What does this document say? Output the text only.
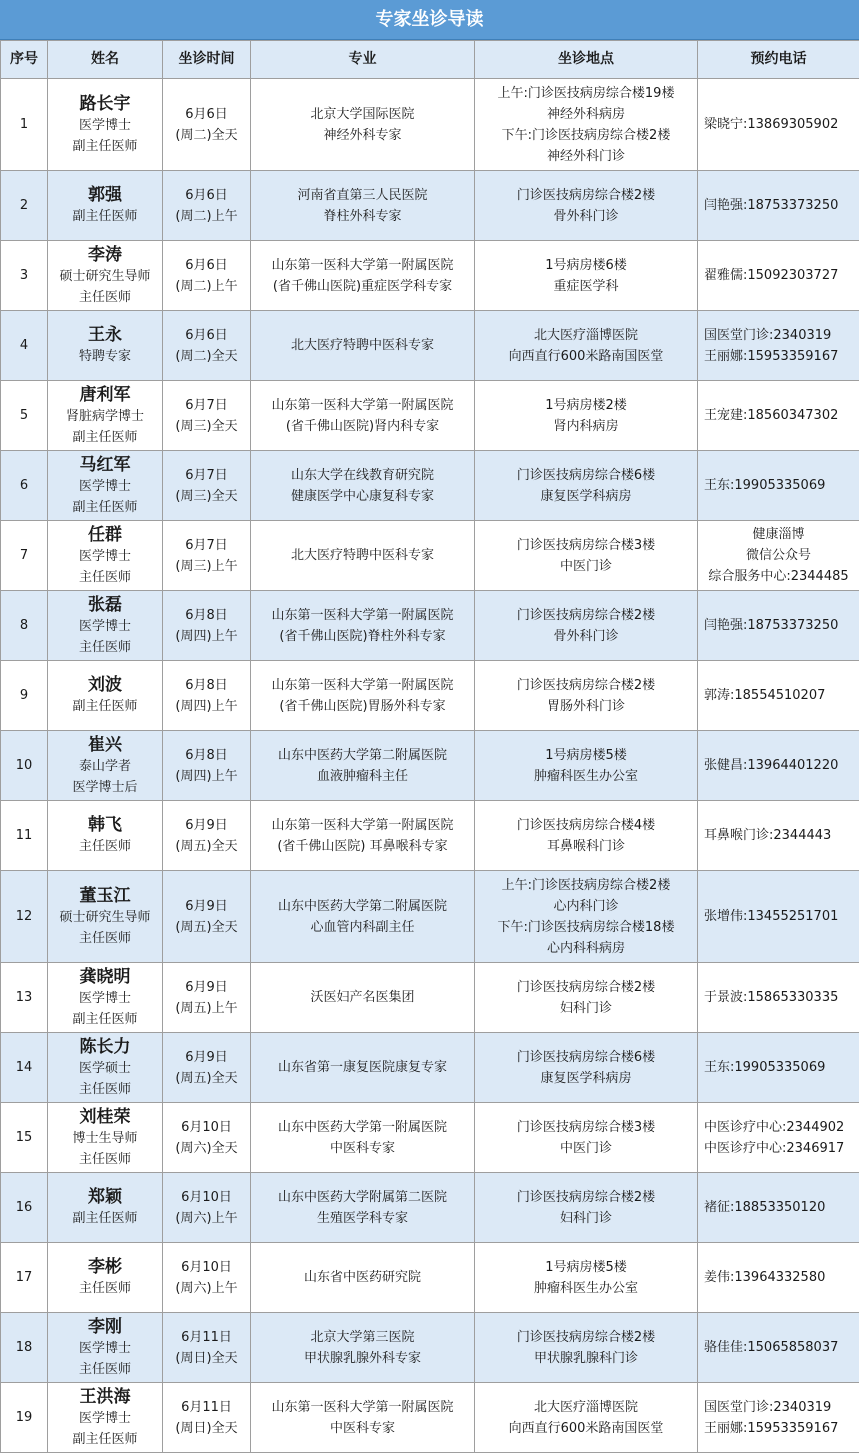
专家坐诊导读
序号	姓名	坐诊时间	专业	坐诊地点	预约电话
1	路长宇
医学博士
副主任医师	6月6日
(周二)全天	北京大学国际医院
神经外科专家	上午:门诊医技病房综合楼19楼
神经外科病房
下午:门诊医技病房综合楼2楼
神经外科门诊	梁晓宁:13869305902

2	郭强
副主任医师	6月6日
(周二)上午	河南省直第三人民医院
脊柱外科专家	门诊医技病房综合楼2楼
骨外科门诊	闫艳强:18753373250

3	李涛
硕士研究生导师
主任医师	6月6日
(周二)上午	山东第一医科大学第一附属医院
(省千佛山医院)重症医学科专家	1号病房楼6楼
重症医学科	翟雅儒:15092303727

4	王永
特聘专家	6月6日
(周二)全天	北大医疗特聘中医科专家	北大医疗淄博医院
向西直行600米路南国医堂	国医堂门诊:2340319
王丽娜:15953359167

5	唐利军
肾脏病学博士
副主任医师	6月7日
(周三)全天	山东第一医科大学第一附属医院
(省千佛山医院)肾内科专家	1号病房楼2楼
肾内科病房	王宠建:18560347302

6	马红军
医学博士
副主任医师	6月7日
(周三)全天	山东大学在线教育研究院
健康医学中心康复科专家	门诊医技病房综合楼6楼
康复医学科病房	王东:19905335069

7	任群
医学博士
主任医师	6月7日
(周三)上午	北大医疗特聘中医科专家	门诊医技病房综合楼3楼
中医门诊	健康淄博
微信公众号
综合服务中心:2344485

8	张磊
医学博士
主任医师	6月8日
(周四)上午	山东第一医科大学第一附属医院
(省千佛山医院)脊柱外科专家	门诊医技病房综合楼2楼
骨外科门诊	闫艳强:18753373250

9	刘波
副主任医师	6月8日
(周四)上午	山东第一医科大学第一附属医院
(省千佛山医院)胃肠外科专家	门诊医技病房综合楼2楼
胃肠外科门诊	郭涛:18554510207

10	崔兴
泰山学者
医学博士后	6月8日
(周四)上午	山东中医药大学第二附属医院
血液肿瘤科主任	1号病房楼5楼
肿瘤科医生办公室	张健昌:13964401220

11	韩飞
主任医师	6月9日
(周五)全天	山东第一医科大学第一附属医院
(省千佛山医院) 耳鼻喉科专家	门诊医技病房综合楼4楼
耳鼻喉科门诊	耳鼻喉门诊:2344443

12	董玉江
硕士研究生导师
主任医师	6月9日
(周五)全天	山东中医药大学第二附属医院
心血管内科副主任	上午:门诊医技病房综合楼2楼
心内科门诊
下午:门诊医技病房综合楼18楼
心内科科病房	张增伟:13455251701

13	龚晓明
医学博士
副主任医师	6月9日
(周五)上午	沃医妇产名医集团	门诊医技病房综合楼2楼
妇科门诊	于景波:15865330335

14	陈长力
医学硕士
主任医师	6月9日
(周五)全天	山东省第一康复医院康复专家	门诊医技病房综合楼6楼
康复医学科病房	王东:19905335069

15	刘桂荣
博士生导师
主任医师	6月10日
(周六)全天	山东中医药大学第一附属医院
中医科专家	门诊医技病房综合楼3楼
中医门诊	中医诊疗中心:2344902
中医诊疗中心:2346917

16	郑颖
副主任医师	6月10日
(周六)上午	山东中医药大学附属第二医院
生殖医学科专家	门诊医技病房综合楼2楼
妇科门诊	褚征:18853350120

17	李彬
主任医师	6月10日
(周六)上午	山东省中医药研究院	1号病房楼5楼
肿瘤科医生办公室	姜伟:13964332580

18	李刚
医学博士
主任医师	6月11日
(周日)全天	北京大学第三医院
甲状腺乳腺外科专家	门诊医技病房综合楼2楼
甲状腺乳腺科门诊	骆佳佳:15065858037

19	王洪海
医学博士
副主任医师	6月11日
(周日)全天	山东第一医科大学第一附属医院
中医科专家	北大医疗淄博医院
向西直行600米路南国医堂	国医堂门诊:2340319
王丽娜:15953359167
